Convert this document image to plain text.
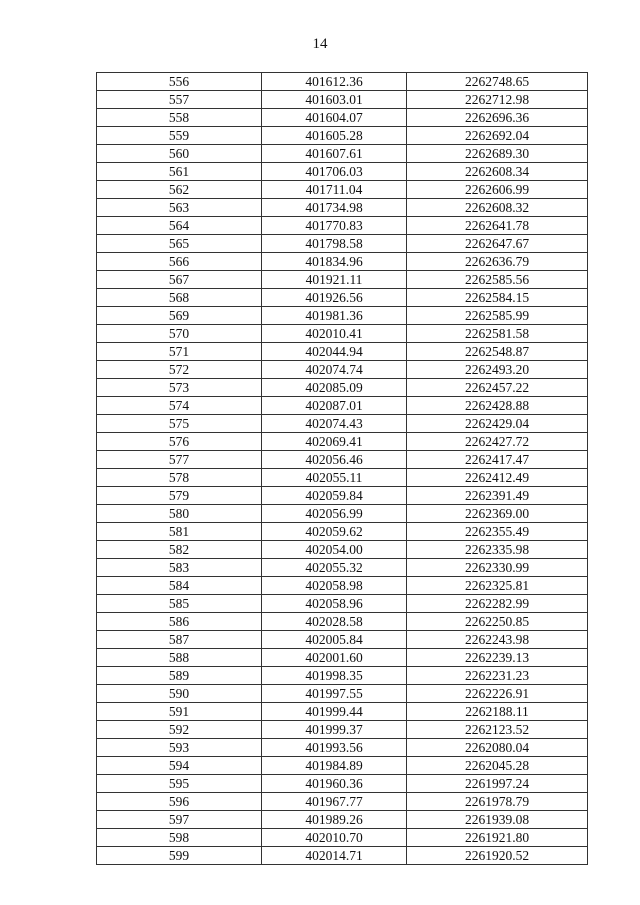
14
556	401612.36	2262748.65
557	401603.01	2262712.98
558	401604.07	2262696.36
559	401605.28	2262692.04
560	401607.61	2262689.30
561	401706.03	2262608.34
562	401711.04	2262606.99
563	401734.98	2262608.32
564	401770.83	2262641.78
565	401798.58	2262647.67
566	401834.96	2262636.79
567	401921.11	2262585.56
568	401926.56	2262584.15
569	401981.36	2262585.99
570	402010.41	2262581.58
571	402044.94	2262548.87
572	402074.74	2262493.20
573	402085.09	2262457.22
574	402087.01	2262428.88
575	402074.43	2262429.04
576	402069.41	2262427.72
577	402056.46	2262417.47
578	402055.11	2262412.49
579	402059.84	2262391.49
580	402056.99	2262369.00
581	402059.62	2262355.49
582	402054.00	2262335.98
583	402055.32	2262330.99
584	402058.98	2262325.81
585	402058.96	2262282.99
586	402028.58	2262250.85
587	402005.84	2262243.98
588	402001.60	2262239.13
589	401998.35	2262231.23
590	401997.55	2262226.91
591	401999.44	2262188.11
592	401999.37	2262123.52
593	401993.56	2262080.04
594	401984.89	2262045.28
595	401960.36	2261997.24
596	401967.77	2261978.79
597	401989.26	2261939.08
598	402010.70	2261921.80
599	402014.71	2261920.52
